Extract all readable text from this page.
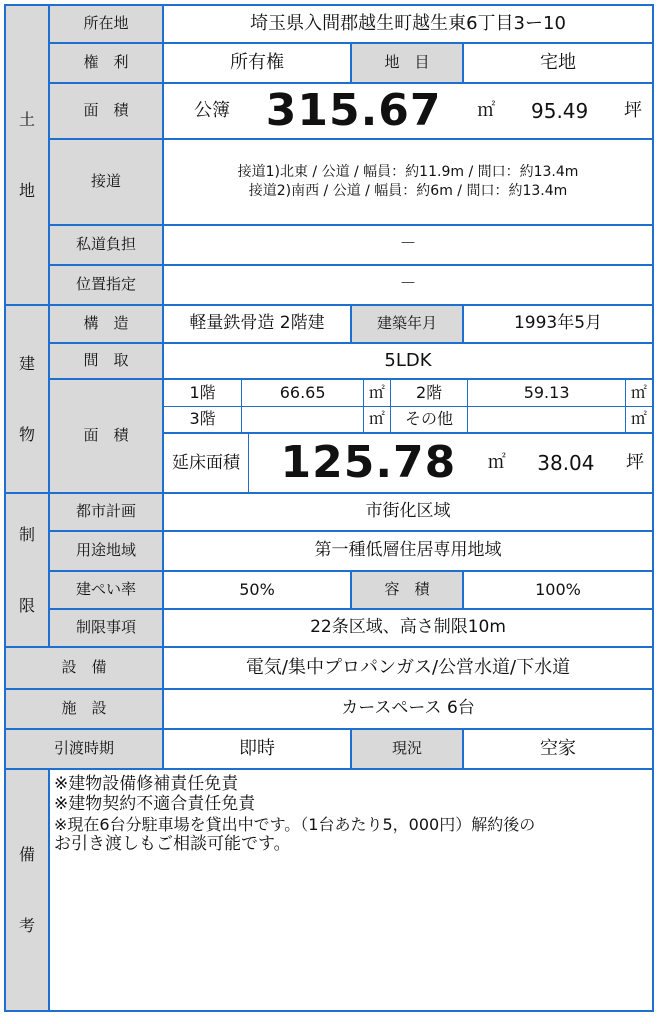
土

地	所在地	埼玉県入間郡越生町越生東6丁目3ー10
権　利	所有権	地　目	宅地
面　積	公簿 315.67 ㎡ 95.49 坪

接道	
接道1)北東 / 公道 / 幅員：約11.9m / 間口：約13.4m
接道2)南西 / 公道 / 幅員：約6m / 間口：約13.4m

私道負担	－
位置指定	－
建

物	構　造	軽量鉄骨造 2階建	建築年月	1993年5月
間　取	5LDK
面　積	
1階	66.65	㎡	2階	59.13	㎡
3階		㎡	その他		㎡

延床面積 125.78 ㎡ 38.04 坪

制

限	都市計画	市街化区域
用途地域	第一種低層住居専用地域
建ぺい率	50%	容　積	100%
制限事項	22条区域、高さ制限10m
設　備	電気/集中プロパンガス/公営水道/下水道
施　設	カースペース 6台
引渡時期	即時	現況	空家
備

考	
※建物設備修補責任免責
※建物契約不適合責任免責
※現在6台分駐車場を貸出中です。（1台あたり5，000円）解約後の
お引き渡しもご相談可能です。
